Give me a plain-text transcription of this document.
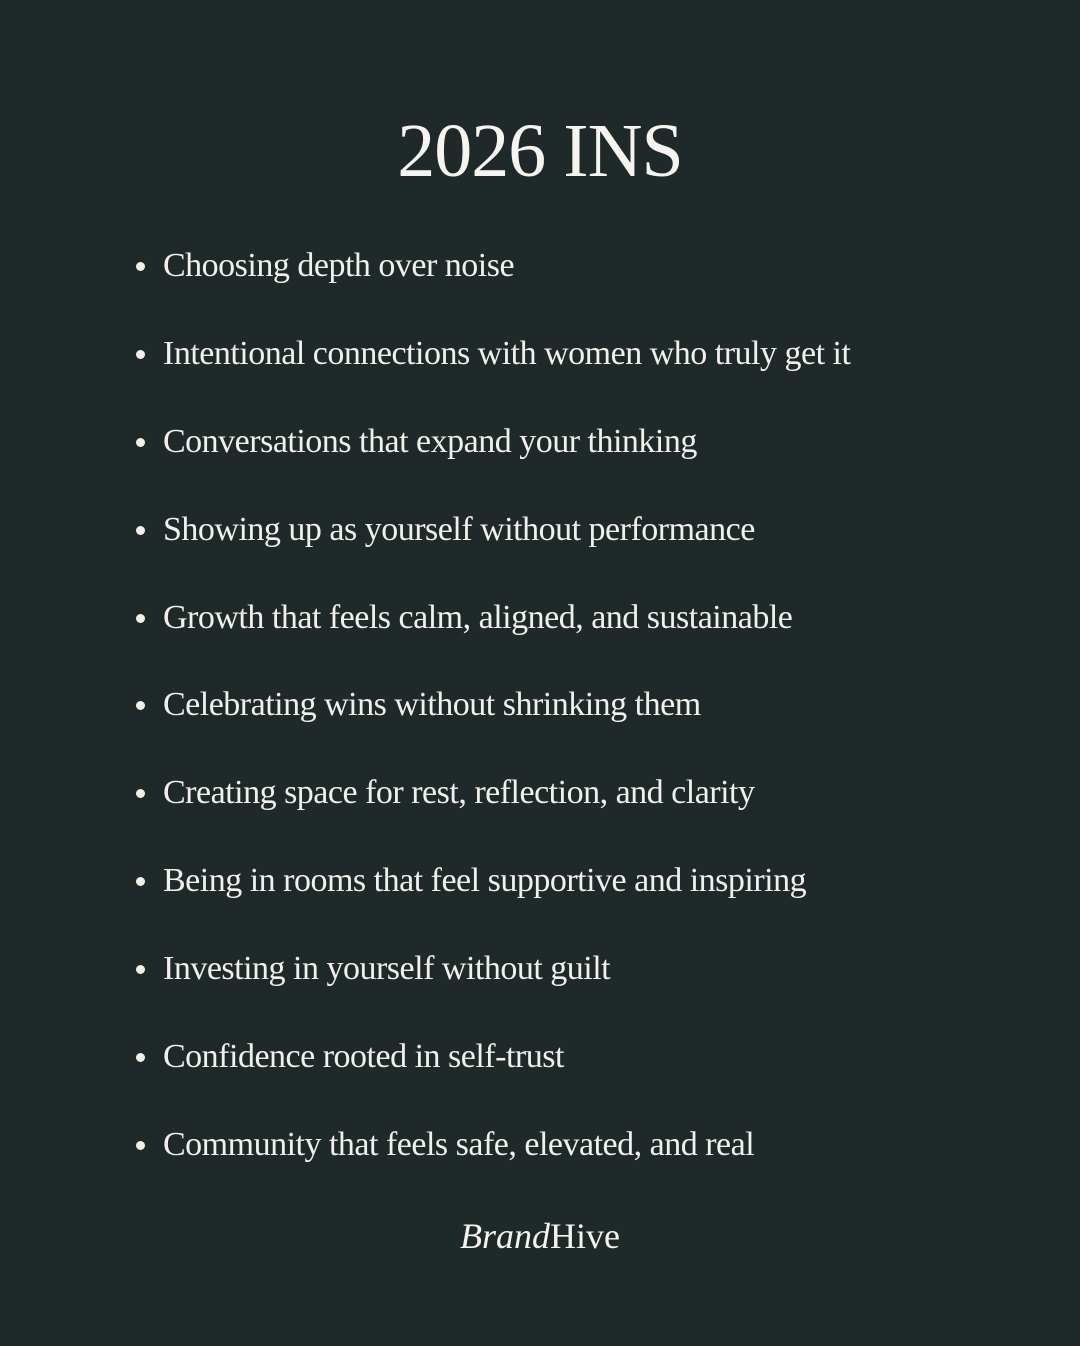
2026 INS
Choosing depth over noise
Intentional connections with women who truly get it
Conversations that expand your thinking
Showing up as yourself without performance
Growth that feels calm, aligned, and sustainable
Celebrating wins without shrinking them
Creating space for rest, reflection, and clarity
Being in rooms that feel supportive and inspiring
Investing in yourself without guilt
Confidence rooted in self-trust
Community that feels safe, elevated, and real
BrandHive
